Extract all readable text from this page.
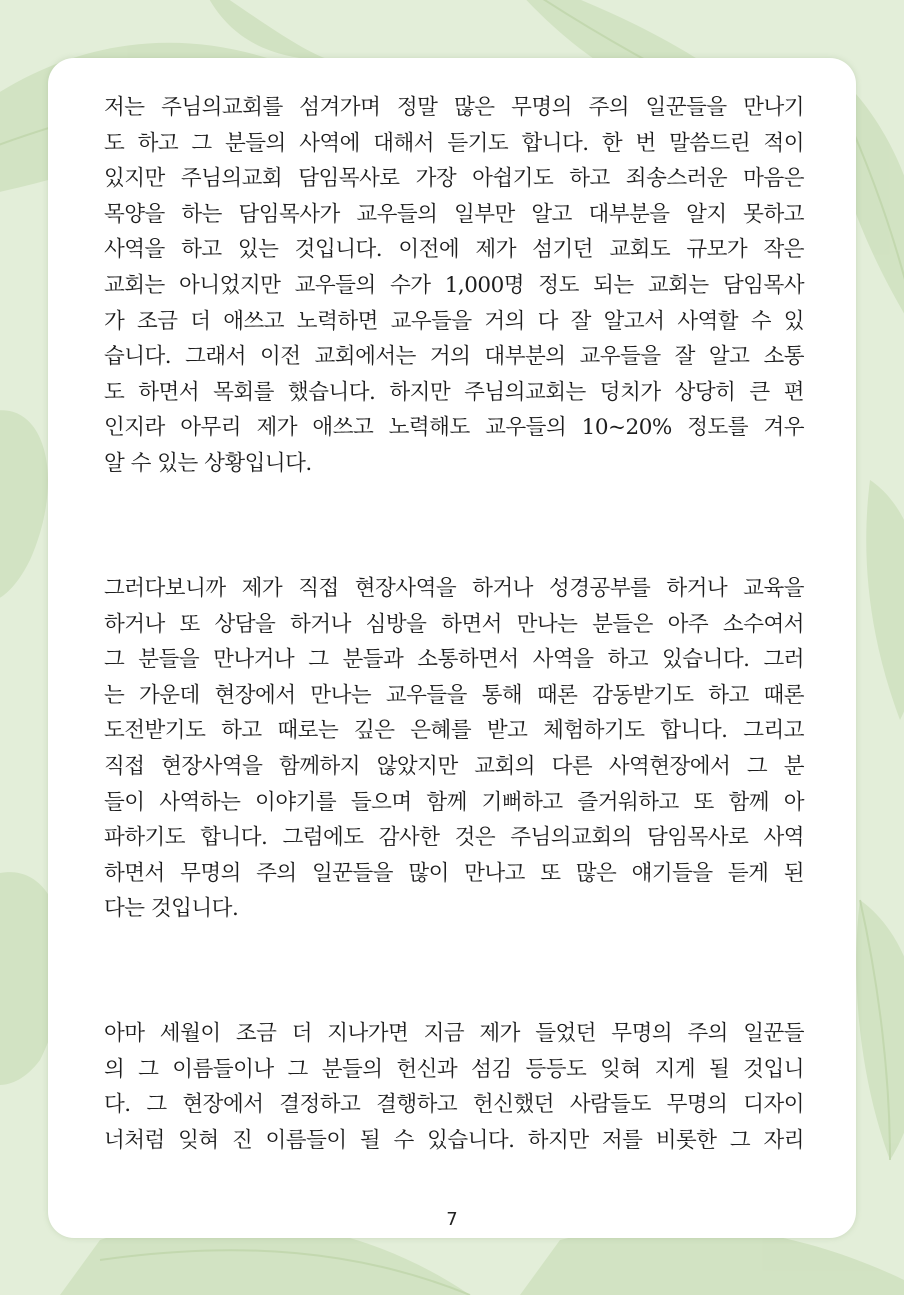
저는 주님의교회를 섬겨가며 정말 많은 무명의 주의 일꾼들을 만나기
도 하고 그 분들의 사역에 대해서 듣기도 합니다. 한 번 말씀드린 적이
있지만 주님의교회 담임목사로 가장 아쉽기도 하고 죄송스러운 마음은
목양을 하는 담임목사가 교우들의 일부만 알고 대부분을 알지 못하고
사역을 하고 있는 것입니다. 이전에 제가 섬기던 교회도 규모가 작은
교회는 아니었지만 교우들의 수가 1,000명 정도 되는 교회는 담임목사
가 조금 더 애쓰고 노력하면 교우들을 거의 다 잘 알고서 사역할 수 있
습니다. 그래서 이전 교회에서는 거의 대부분의 교우들을 잘 알고 소통
도 하면서 목회를 했습니다. 하지만 주님의교회는 덩치가 상당히 큰 편
인지라 아무리 제가 애쓰고 노력해도 교우들의 10~20% 정도를 겨우
알 수 있는 상황입니다.
그러다보니까 제가 직접 현장사역을 하거나 성경공부를 하거나 교육을
하거나 또 상담을 하거나 심방을 하면서 만나는 분들은 아주 소수여서
그 분들을 만나거나 그 분들과 소통하면서 사역을 하고 있습니다. 그러
는 가운데 현장에서 만나는 교우들을 통해 때론 감동받기도 하고 때론
도전받기도 하고 때로는 깊은 은혜를 받고 체험하기도 합니다. 그리고
직접 현장사역을 함께하지 않았지만 교회의 다른 사역현장에서 그 분
들이 사역하는 이야기를 들으며 함께 기뻐하고 즐거워하고 또 함께 아
파하기도 합니다. 그럼에도 감사한 것은 주님의교회의 담임목사로 사역
하면서 무명의 주의 일꾼들을 많이 만나고 또 많은 얘기들을 듣게 된
다는 것입니다.
아마 세월이 조금 더 지나가면 지금 제가 들었던 무명의 주의 일꾼들
의 그 이름들이나 그 분들의 헌신과 섬김 등등도 잊혀 지게 될 것입니
다. 그 현장에서 결정하고 결행하고 헌신했던 사람들도 무명의 디자이
너처럼 잊혀 진 이름들이 될 수 있습니다. 하지만 저를 비롯한 그 자리
7
